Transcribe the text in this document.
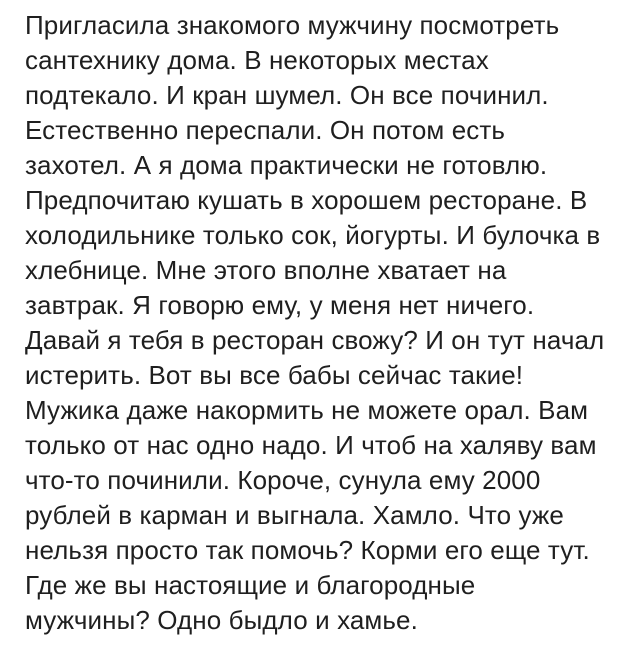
Пригласила знакомого мужчину посмотреть
сантехнику дома. В некоторых местах
подтекало. И кран шумел. Он все починил.
Естественно переспали. Он потом есть
захотел. А я дома практически не готовлю.
Предпочитаю кушать в хорошем ресторане. В
холодильнике только сок, йогурты. И булочка в
хлебнице. Мне этого вполне хватает на
завтрак. Я говорю ему, у меня нет ничего.
Давай я тебя в ресторан свожу? И он тут начал
истерить. Вот вы все бабы сейчас такие!
Мужика даже накормить не можете орал. Вам
только от нас одно надо. И чтоб на халяву вам
что-то починили. Короче, сунула ему 2000
рублей в карман и выгнала. Хамло. Что уже
нельзя просто так помочь? Корми его еще тут.
Где же вы настоящие и благородные
мужчины? Одно быдло и хамье.
